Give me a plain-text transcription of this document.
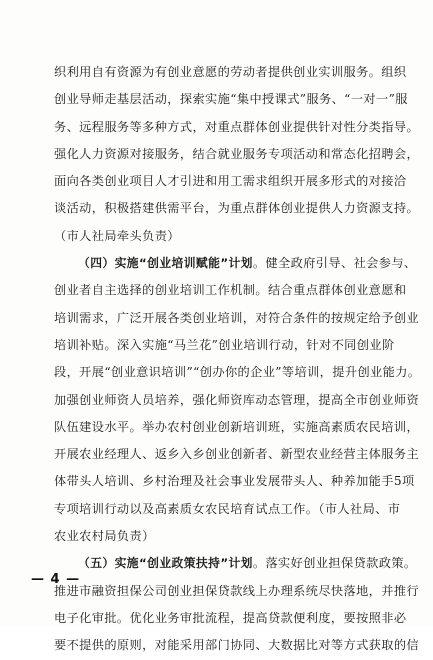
织利用自有资源为有创业意愿的劳动者提供创业实训服务。组织
创业导师走基层活动，探索实施“集中授课式”服务、“一对一”服
务、远程服务等多种方式，对重点群体创业提供针对性分类指导。
强化人力资源对接服务，结合就业服务专项活动和常态化招聘会，
面向各类创业项目人才引进和用工需求组织开展多形式的对接洽
谈活动，积极搭建供需平台，为重点群体创业提供人力资源支持。
（市人社局牵头负责）
（四）实施“创业培训赋能”计划。健全政府引导、社会参与、
创业者自主选择的创业培训工作机制。结合重点群体创业意愿和
培训需求，广泛开展各类创业培训，对符合条件的按规定给予创业
培训补贴。深入实施“马兰花”创业培训行动，针对不同创业阶
段，开展“创业意识培训”“创办你的企业”等培训，提升创业能力。
加强创业师资人员培养，强化师资库动态管理，提高全市创业师资
队伍建设水平。举办农村创业创新培训班，实施高素质农民培训，
开展农业经理人、返乡入乡创业创新者、新型农业经营主体服务主
体带头人培训、乡村治理及社会事业发展带头人、种养加能手5项
专项培训行动以及高素质女农民培育试点工作。（市人社局、市
农业农村局负责）
（五）实施“创业政策扶持”计划。落实好创业担保贷款政策。
推进市融资担保公司创业担保贷款线上办理系统尽快落地，并推行
电子化审批。优化业务审批流程，提高贷款便利度，要按照非必
要不提供的原则，对能采用部门协同、大数据比对等方式获取的信
— 4 —
